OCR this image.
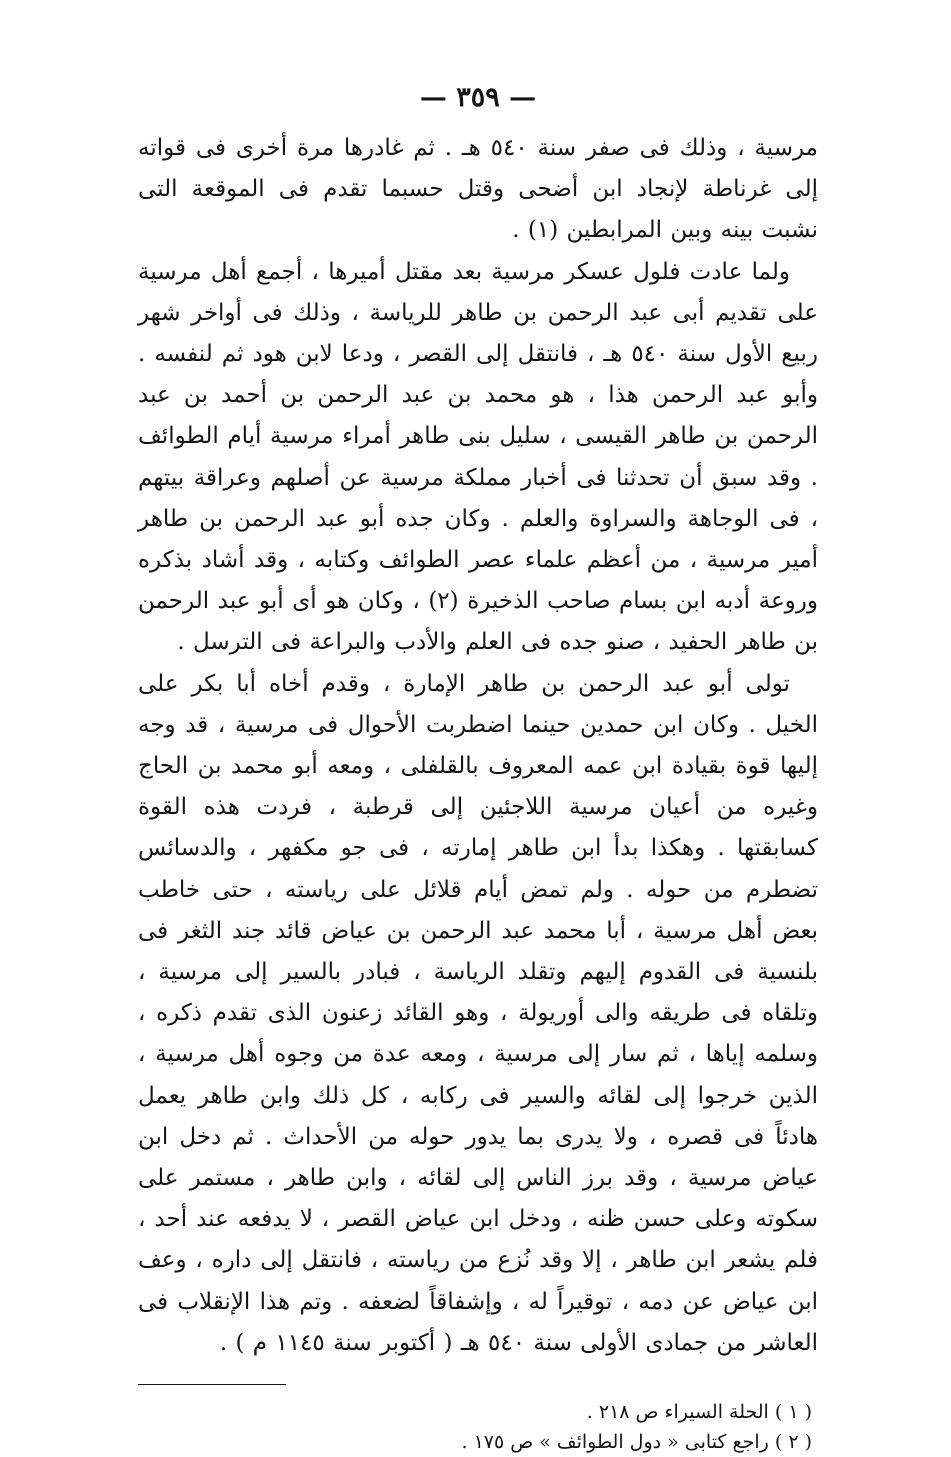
— ٣٥٩ —

مرسية ، وذلك فى صفر سنة ٥٤٠ هـ . ثم غادرها مرة أخرى فى قواته إلى غرناطة لإنجاد ابن أضحى وقتل حسبما تقدم فى الموقعة التى نشبت بينه وبين المرابطين (١) .

ولما عادت فلول عسكر مرسية بعد مقتل أميرها ، أجمع أهل مرسية على تقديم أبى عبد الرحمن بن طاهر للرياسة ، وذلك فى أواخر شهر ربيع الأول سنة ٥٤٠ هـ ، فانتقل إلى القصر ، ودعا لابن هود ثم لنفسه . وأبو عبد الرحمن هذا ، هو محمد بن عبد الرحمن بن أحمد بن عبد الرحمن بن طاهر القيسى ، سليل بنى طاهر أمراء مرسية أيام الطوائف . وقد سبق أن تحدثنا فى أخبار مملكة مرسية عن أصلهم وعراقة بيتهم ، فى الوجاهة والسراوة والعلم . وكان جده أبو عبد الرحمن بن طاهر أمير مرسية ، من أعظم علماء عصر الطوائف وكتابه ، وقد أشاد بذكره وروعة أدبه ابن بسام صاحب الذخيرة (٢) ، وكان هو أى أبو عبد الرحمن بن طاهر الحفيد ، صنو جده فى العلم والأدب والبراعة فى الترسل .

تولى أبو عبد الرحمن بن طاهر الإمارة ، وقدم أخاه أبا بكر على الخيل . وكان ابن حمدين حينما اضطربت الأحوال فى مرسية ، قد وجه إليها قوة بقيادة ابن عمه المعروف بالقلفلى ، ومعه أبو محمد بن الحاج وغيره من أعيان مرسية اللاجئين إلى قرطبة ، فردت هذه القوة كسابقتها . وهكذا بدأ ابن طاهر إمارته ، فى جو مكفهر ، والدسائس تضطرم من حوله . ولم تمض أيام قلائل على رياسته ، حتى خاطب بعض أهل مرسية ، أبا محمد عبد الرحمن بن عياض قائد جند الثغر فى بلنسية فى القدوم إليهم وتقلد الرياسة ، فبادر بالسير إلى مرسية ، وتلقاه فى طريقه والى أوريولة ، وهو القائد زعنون الذى تقدم ذكره ، وسلمه إياها ، ثم سار إلى مرسية ، ومعه عدة من وجوه أهل مرسية ، الذين خرجوا إلى لقائه والسير فى ركابه ، كل ذلك وابن طاهر يعمل هادئاً فى قصره ، ولا يدرى بما يدور حوله من الأحداث . ثم دخل ابن عياض مرسية ، وقد برز الناس إلى لقائه ، وابن طاهر ، مستمر على سكوته وعلى حسن ظنه ، ودخل ابن عياض القصر ، لا يدفعه عند أحد ، فلم يشعر ابن طاهر ، إلا وقد نُزع من رياسته ، فانتقل إلى داره ، وعف ابن عياض عن دمه ، توقيراً له ، وإشفاقاً لضعفه . وتم هذا الإنقلاب فى العاشر من جمادى الأولى سنة ٥٤٠ هـ ( أكتوبر سنة ١١٤٥ م ) .

( ١ ) الحلة السيراء ص ٢١٨ .

( ٢ ) راجع كتابى « دول الطوائف » ص ١٧٥ .
